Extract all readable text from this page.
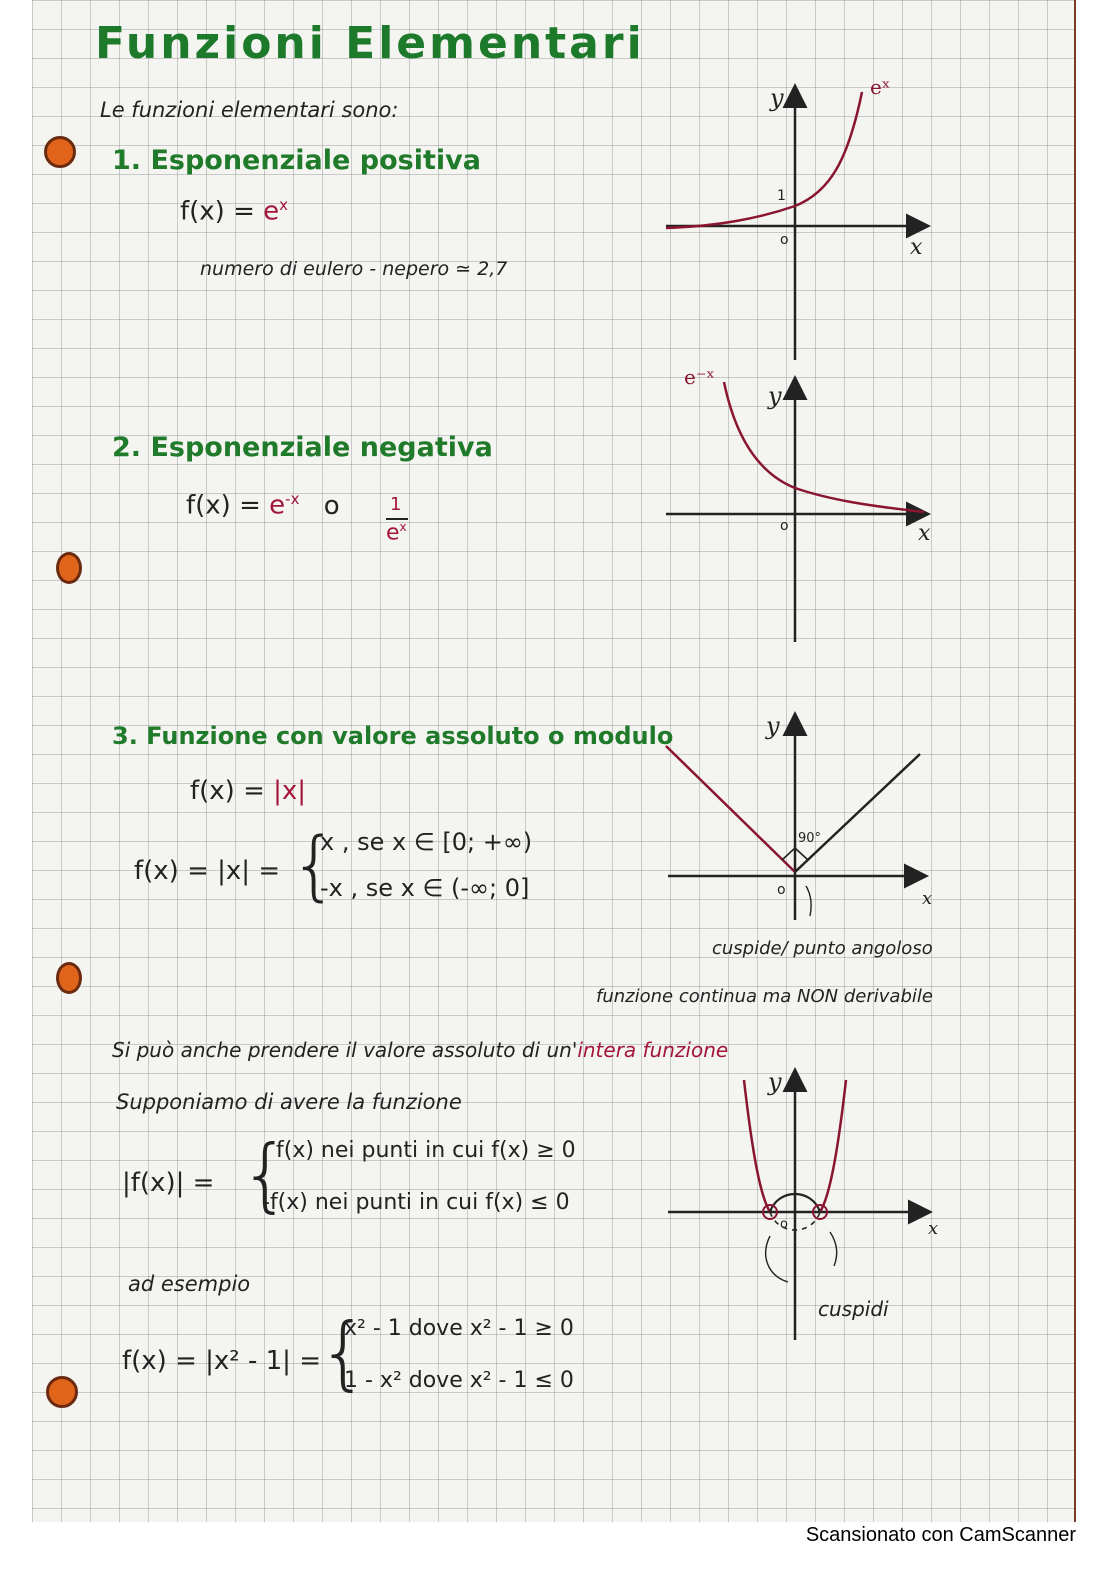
Funzioni Elementari
Le funzioni elementari sono:
1. Esponenziale positiva
$f(x) = e^x$
numero di eulero - nepero ≃ 2,7
2. Esponenziale negativa
$f(x) = e^{-x}$ o	1
$e^x$
3. Funzione con valore assoluto o modulo
f(x) = |x|
f(x) = |x| = {
x , se x ∈ [0; +∞)
-x , se x ∈ (-∞; 0]
cuspide/ punto angoloso
funzione continua ma NON derivabile
Si può anche prendere il valore assoluto di un'intera funzione
Supponiamo di avere la funzione
|f(x)| = {
f(x) nei punti in cui f(x) ≥ 0
-f(x) nei punti in cui f(x) ≤ 0
ad esempio
f(x) = |x² - 1| =
{
x² - 1 dove x² - 1 ≥ 0
1 - x² dove x² - 1 ≤ 0
y
x
o
1
eˣ
y
x
o
e⁻ˣ
90°
y
x
o
y
x
o
cuspidi
Scansionato con CamScanner
